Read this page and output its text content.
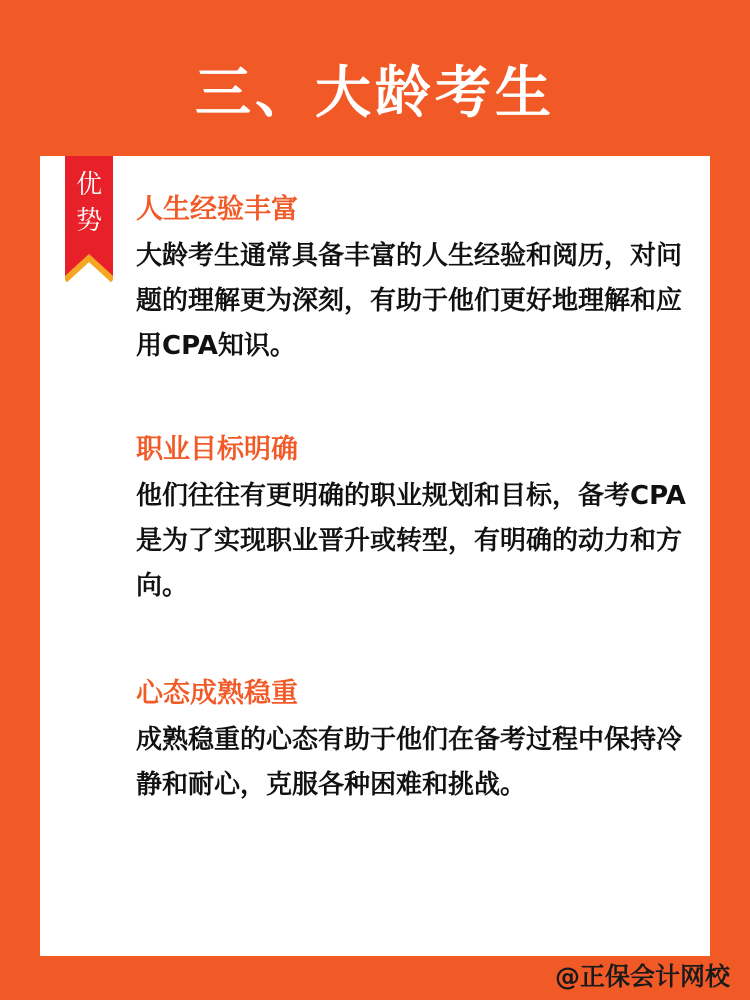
三、大龄考生
优
势	人生经验丰富
大龄考生通常具备丰富的人生经验和阅历，对问题的理解更为深刻，有助于他们更好地理解和应用CPA知识。
职业目标明确
他们往往有更明确的职业规划和目标，备考CPA是为了实现职业晋升或转型，有明确的动力和方向。
心态成熟稳重
成熟稳重的心态有助于他们在备考过程中保持冷静和耐心，克服各种困难和挑战。
@正保会计网校
